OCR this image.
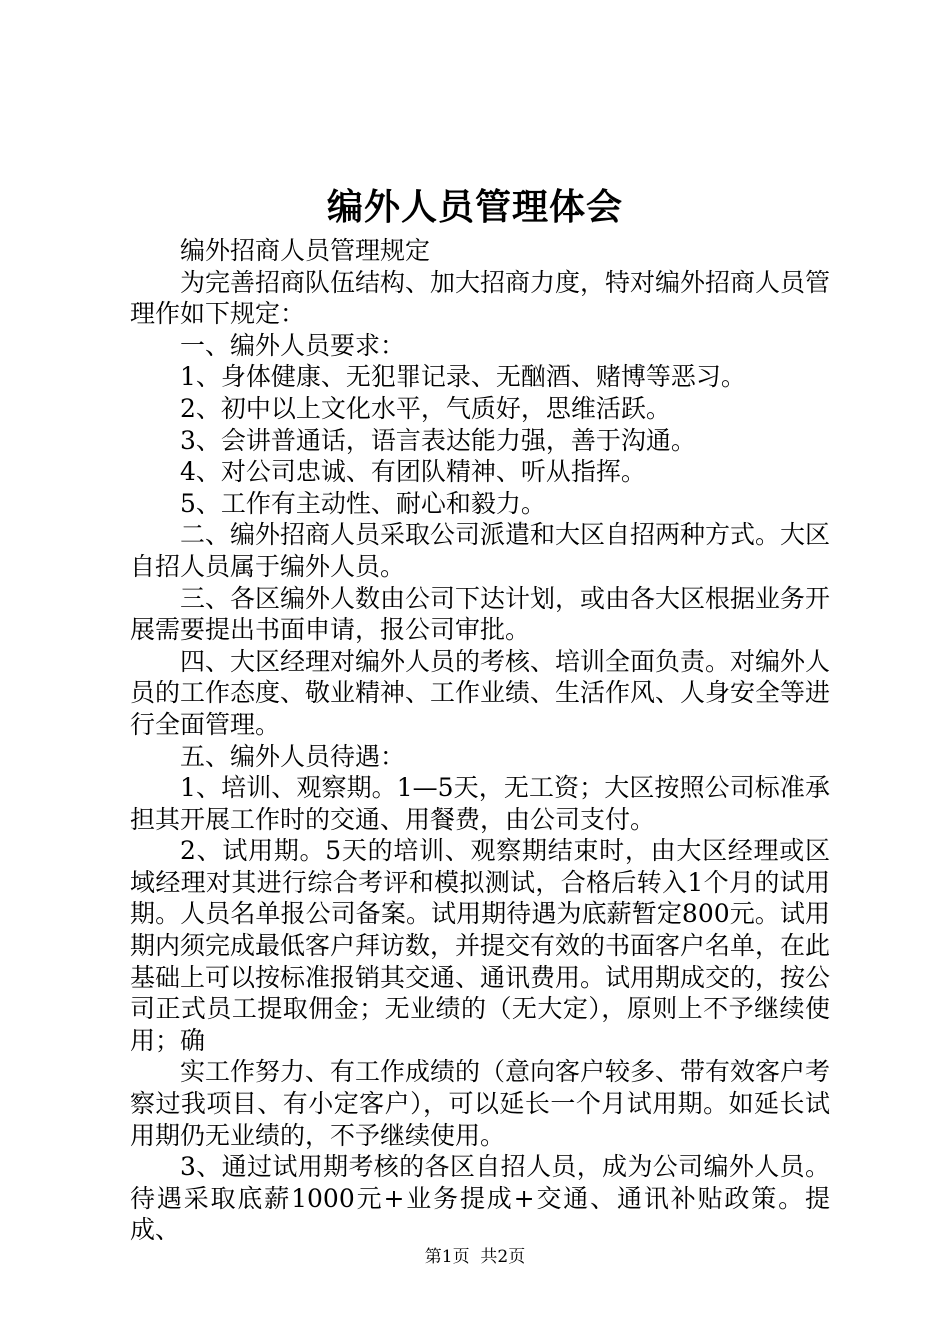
编外人员管理体会

编外招商人员管理规定

为完善招商队伍结构、加大招商力度，特对编外招商人员管理作如下规定：

一、编外人员要求：

1、身体健康、无犯罪记录、无酗酒、赌博等恶习。

2、初中以上文化水平，气质好，思维活跃。

3、会讲普通话，语言表达能力强，善于沟通。

4、对公司忠诚、有团队精神、听从指挥。

5、工作有主动性、耐心和毅力。

二、编外招商人员采取公司派遣和大区自招两种方式。大区自招人员属于编外人员。

三、各区编外人数由公司下达计划，或由各大区根据业务开展需要提出书面申请，报公司审批。

四、大区经理对编外人员的考核、培训全面负责。对编外人员的工作态度、敬业精神、工作业绩、生活作风、人身安全等进行全面管理。

五、编外人员待遇：

1、培训、观察期。1—5天，无工资；大区按照公司标准承担其开展工作时的交通、用餐费，由公司支付。

2、试用期。5天的培训、观察期结束时，由大区经理或区域经理对其进行综合考评和模拟测试，合格后转入1个月的试用期。人员名单报公司备案。试用期待遇为底薪暂定800元。试用期内须完成最低客户拜访数，并提交有效的书面客户名单，在此基础上可以按标准报销其交通、通讯费用。试用期成交的，按公司正式员工提取佣金；无业绩的（无大定），原则上不予继续使用；确

实工作努力、有工作成绩的（意向客户较多、带有效客户考察过我项目、有小定客户），可以延长一个月试用期。如延长试用期仍无业绩的，不予继续使用。

3、通过试用期考核的各区自招人员，成为公司编外人员。待遇采取底薪1000元+业务提成+交通、通讯补贴政策。提成、

第1页 共2页
